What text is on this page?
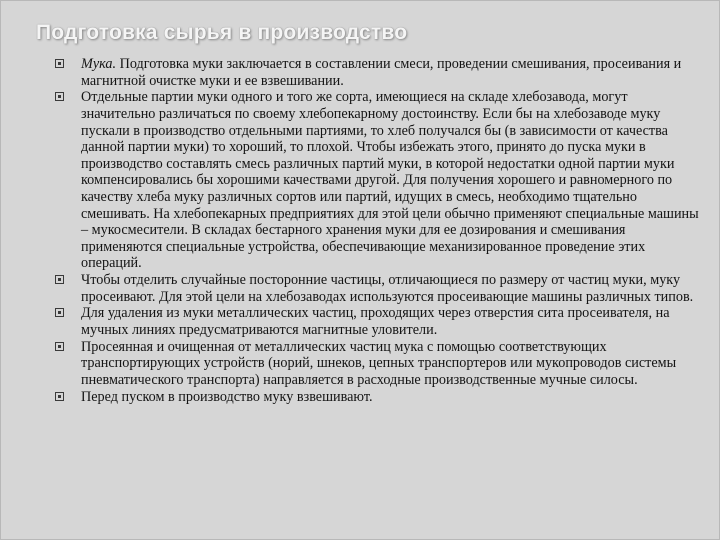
Подготовка сырья в производство
Мука. Подготовка муки заключается в составлении смеси, проведении смешивания, просеивания и магнитной очистке муки и ее взвешивании.
Отдельные партии муки одного и того же сорта, имеющиеся на складе хлебозавода, могут значительно различаться по своему хлебопекарному достоинству. Если бы на хлебозаводе муку пускали в производство отдельными партиями, то хлеб получался бы (в зависимости от качества данной партии муки) то хороший, то плохой. Чтобы избежать этого, принято до пуска муки в производство составлять смесь различных партий муки, в которой недостатки одной партии муки компенсировались бы хорошими качествами другой. Для получения хорошего и равномерного по качеству хлеба муку различных сортов или партий, идущих в смесь, необходимо тщательно смешивать. На хлебопекарных предприятиях для этой цели обычно применяют специальные машины – мукосмесители. В складах бестарного хранения муки для ее дозирования и смешивания применяются специальные устройства, обеспечивающие механизированное проведение этих операций.
Чтобы отделить случайные посторонние частицы, отличающиеся по размеру от частиц муки, муку просеивают. Для этой цели на хлебозаводах используются просеивающие машины различных типов.
Для удаления из муки металлических частиц, проходящих через отверстия сита просеивателя, на мучных линиях предусматриваются магнитные уловители.
Просеянная и очищенная от металлических частиц мука с помощью соответствующих транспортирующих устройств (норий, шнеков, цепных транспортеров или мукопроводов системы пневматического транспорта) направляется в расходные производственные мучные силосы.
Перед пуском в производство муку взвешивают.
